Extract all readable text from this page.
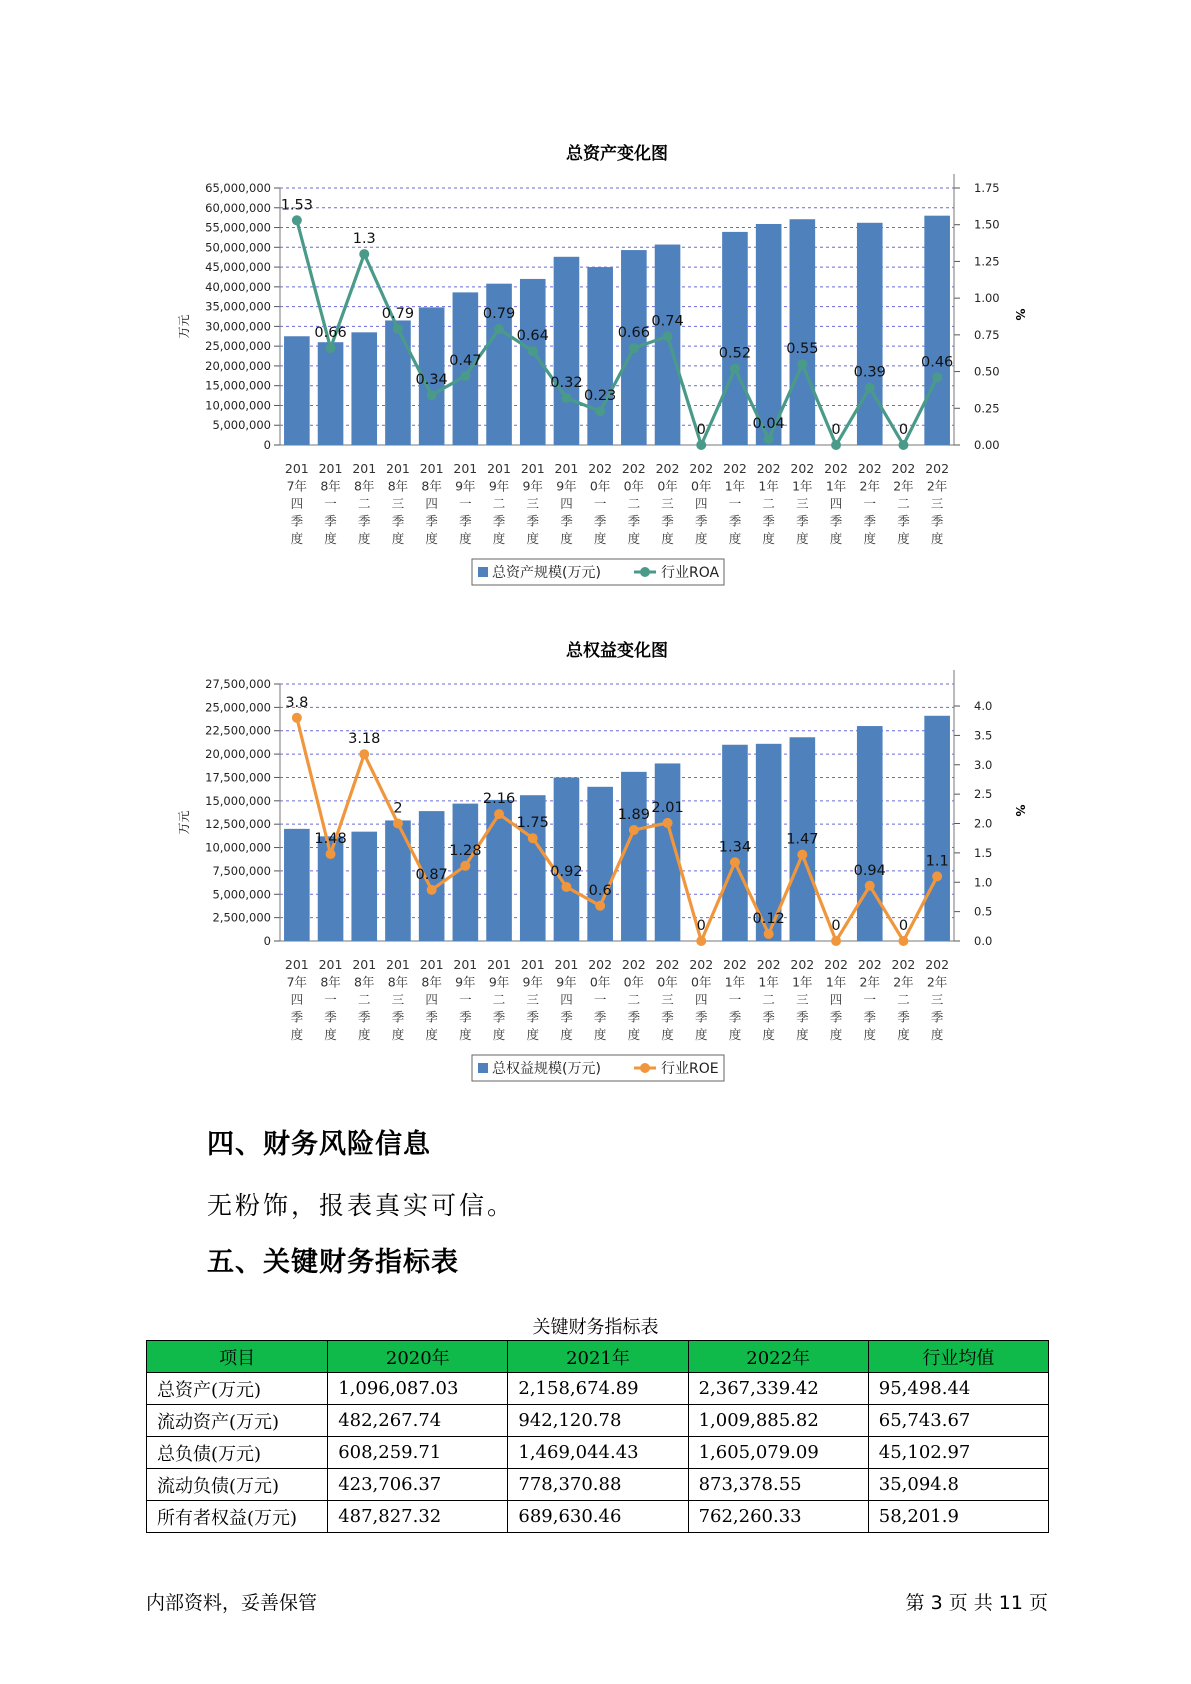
总资产变化图
0
5,000,000
10,000,000
15,000,000
20,000,000
25,000,000
30,000,000
35,000,000
40,000,000
45,000,000
50,000,000
55,000,000
60,000,000
65,000,000
0.00
0.25
0.50
0.75
1.00
1.25
1.50
1.75
万元	%
201
7年
四
季
度
201
8年
一
季
度
201
8年
二
季
度
201
8年
三
季
度
201
8年
四
季
度
201
9年
一
季
度
201
9年
二
季
度
201
9年
三
季
度
201
9年
四
季
度
202
0年
一
季
度
202
0年
二
季
度
202
0年
三
季
度
202
0年
四
季
度
202
1年
一
季
度
202
1年
二
季
度
202
1年
三
季
度
202
1年
四
季
度
202
2年
一
季
度
202
2年
二
季
度
202
2年
三
季
度
1.53
0.66
1.3
0.79
0.34
0.47
0.79
0.64
0.32
0.23
0.66
0.74
0
0.52
0.04
0.55
0
0.39
0
0.46
总资产规模(万元)	行业ROA
总权益变化图
0
2,500,000
5,000,000
7,500,000
10,000,000
12,500,000
15,000,000
17,500,000
20,000,000
22,500,000
25,000,000
27,500,000
0.0
0.5
1.0
1.5
2.0
2.5
3.0
3.5
4.0
万元	%
201
7年
四
季
度
201
8年
一
季
度
201
8年
二
季
度
201
8年
三
季
度
201
8年
四
季
度
201
9年
一
季
度
201
9年
二
季
度
201
9年
三
季
度
201
9年
四
季
度
202
0年
一
季
度
202
0年
二
季
度
202
0年
三
季
度
202
0年
四
季
度
202
1年
一
季
度
202
1年
二
季
度
202
1年
三
季
度
202
1年
四
季
度
202
2年
一
季
度
202
2年
二
季
度
202
2年
三
季
度
3.8
1.48
3.18
2
0.87
1.28
2.16
1.75
0.92
0.6
1.89 2.01
0
1.34
0.12
1.47
0
0.94
0
1.1
总权益规模(万元)	行业ROE
四、财务风险信息
无粉饰，报表真实可信。
五、关键财务指标表
关键财务指标表
项目	2020年	2021年	2022年	行业均值
总资产(万元)	1,096,087.03	2,158,674.89	2,367,339.42	95,498.44
流动资产(万元)	482,267.74	942,120.78	1,009,885.82	65,743.67
总负债(万元)	608,259.71	1,469,044.43	1,605,079.09	45,102.97
流动负债(万元)	423,706.37	778,370.88	873,378.55	35,094.8
所有者权益(万元)	487,827.32	689,630.46	762,260.33	58,201.9
内部资料，妥善保管	第 3 页 共 11 页
